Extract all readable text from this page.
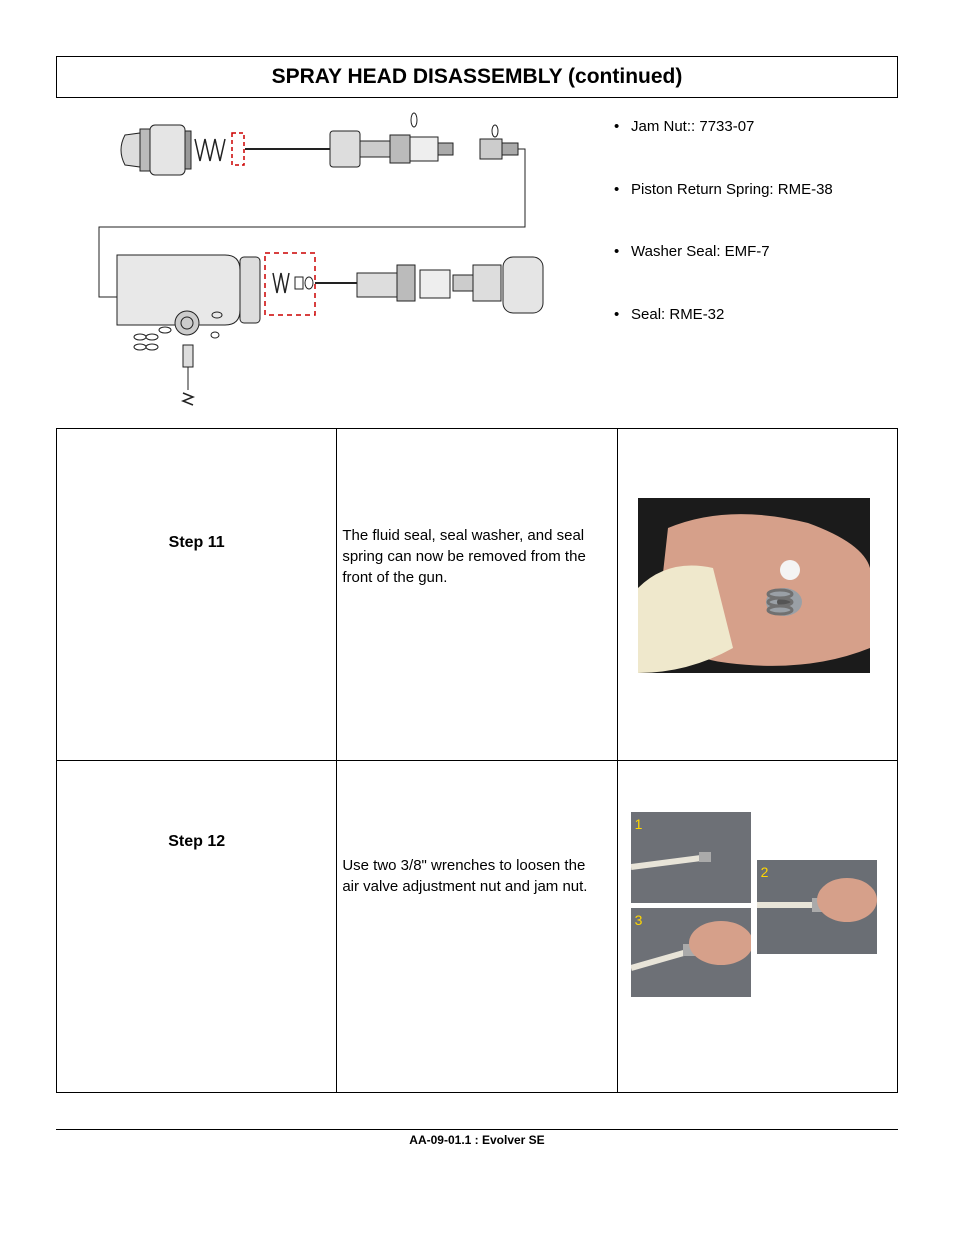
SPRAY HEAD DISASSEMBLY (continued)
• Jam Nut:: 7733-07
• Piston Return Spring: RME-38
• Washer Seal: EMF-7
• Seal: RME-32
Step 11	The fluid seal, seal washer, and seal spring can now be removed from the front of the gun.

Step 12	Use two 3/8" wrenches to loosen the air valve adjustment nut and jam nut.	1
2
3
AA-09-01.1 : Evolver SE
